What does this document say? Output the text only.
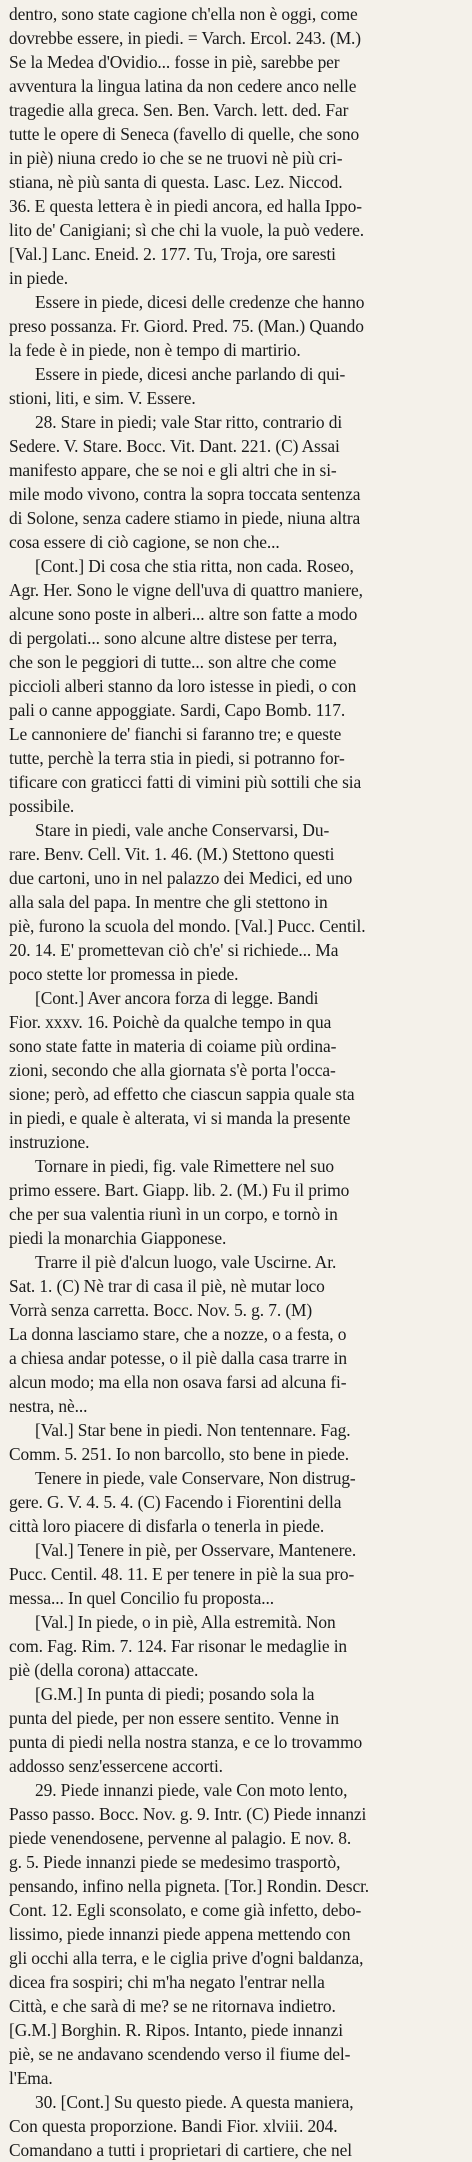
dentro, sono state cagione ch'ella non è oggi, come
dovrebbe essere, in piedi. = Varch. Ercol. 243. (M.)
Se la Medea d'Ovidio... fosse in piè, sarebbe per
avventura la lingua latina da non cedere anco nelle
tragedie alla greca. Sen. Ben. Varch. lett. ded. Far
tutte le opere di Seneca (favello di quelle, che sono
in piè) niuna credo io che se ne truovi nè più cri-
stiana, nè più santa di questa. Lasc. Lez. Niccod.
36. E questa lettera è in piedi ancora, ed halla Ippo-
lito de' Canigiani; sì che chi la vuole, la può vedere.
[Val.] Lanc. Eneid. 2. 177. Tu, Troja, ore saresti
in piede.
Essere in piede, dicesi delle credenze che hanno
preso possanza. Fr. Giord. Pred. 75. (Man.) Quando
la fede è in piede, non è tempo di martirio.
Essere in piede, dicesi anche parlando di qui-
stioni, liti, e sim. V. Essere.
28. Stare in piedi; vale Star ritto, contrario di
Sedere. V. Stare. Bocc. Vit. Dant. 221. (C) Assai
manifesto appare, che se noi e gli altri che in si-
mile modo vivono, contra la sopra toccata sentenza
di Solone, senza cadere stiamo in piede, niuna altra
cosa essere di ciò cagione, se non che...
[Cont.] Di cosa che stia ritta, non cada. Roseo,
Agr. Her. Sono le vigne dell'uva di quattro maniere,
alcune sono poste in alberi... altre son fatte a modo
di pergolati... sono alcune altre distese per terra,
che son le peggiori di tutte... son altre che come
piccioli alberi stanno da loro istesse in piedi, o con
pali o canne appoggiate. Sardi, Capo Bomb. 117.
Le cannoniere de' fianchi si faranno tre; e queste
tutte, perchè la terra stia in piedi, si potranno for-
tificare con graticci fatti di vimini più sottili che sia
possibile.
Stare in piedi, vale anche Conservarsi, Du-
rare. Benv. Cell. Vit. 1. 46. (M.) Stettono questi
due cartoni, uno in nel palazzo dei Medici, ed uno
alla sala del papa. In mentre che gli stettono in
piè, furono la scuola del mondo. [Val.] Pucc. Centil.
20. 14. E' promettevan ciò ch'e' si richiede... Ma
poco stette lor promessa in piede.
[Cont.] Aver ancora forza di legge. Bandi
Fior. xxxv. 16. Poichè da qualche tempo in qua
sono state fatte in materia di coiame più ordina-
zioni, secondo che alla giornata s'è porta l'occa-
sione; però, ad effetto che ciascun sappia quale sta
in piedi, e quale è alterata, vi si manda la presente
instruzione.
Tornare in piedi, fig. vale Rimettere nel suo
primo essere. Bart. Giapp. lib. 2. (M.) Fu il primo
che per sua valentia riunì in un corpo, e tornò in
piedi la monarchia Giapponese.
Trarre il piè d'alcun luogo, vale Uscirne. Ar.
Sat. 1. (C) Nè trar di casa il piè, nè mutar loco
Vorrà senza carretta. Bocc. Nov. 5. g. 7. (M)
La donna lasciamo stare, che a nozze, o a festa, o
a chiesa andar potesse, o il piè dalla casa trarre in
alcun modo; ma ella non osava farsi ad alcuna fi-
nestra, nè...
[Val.] Star bene in piedi. Non tentennare. Fag.
Comm. 5. 251. Io non barcollo, sto bene in piede.
Tenere in piede, vale Conservare, Non distrug-
gere. G. V. 4. 5. 4. (C) Facendo i Fiorentini della
città loro piacere di disfarla o tenerla in piede.
[Val.] Tenere in piè, per Osservare, Mantenere.
Pucc. Centil. 48. 11. E per tenere in piè la sua pro-
messa... In quel Concilio fu proposta...
[Val.] In piede, o in piè, Alla estremità. Non
com. Fag. Rim. 7. 124. Far risonar le medaglie in
piè (della corona) attaccate.
[G.M.] In punta di piedi; posando sola la
punta del piede, per non essere sentito. Venne in
punta di piedi nella nostra stanza, e ce lo trovammo
addosso senz'essercene accorti.
29. Piede innanzi piede, vale Con moto lento,
Passo passo. Bocc. Nov. g. 9. Intr. (C) Piede innanzi
piede venendosene, pervenne al palagio. E nov. 8.
g. 5. Piede innanzi piede se medesimo trasportò,
pensando, infino nella pigneta. [Tor.] Rondin. Descr.
Cont. 12. Egli sconsolato, e come già infetto, debo-
lissimo, piede innanzi piede appena mettendo con
gli occhi alla terra, e le ciglia prive d'ogni baldanza,
dicea fra sospiri; chi m'ha negato l'entrar nella
Città, e che sarà di me? se ne ritornava indietro.
[G.M.] Borghin. R. Ripos. Intanto, piede innanzi
piè, se ne andavano scendendo verso il fiume del-
l'Ema.
30. [Cont.] Su questo piede. A questa maniera,
Con questa proporzione. Bandi Fior. xlviii. 204.
Comandano a tutti i proprietari di cartiere, che nel
